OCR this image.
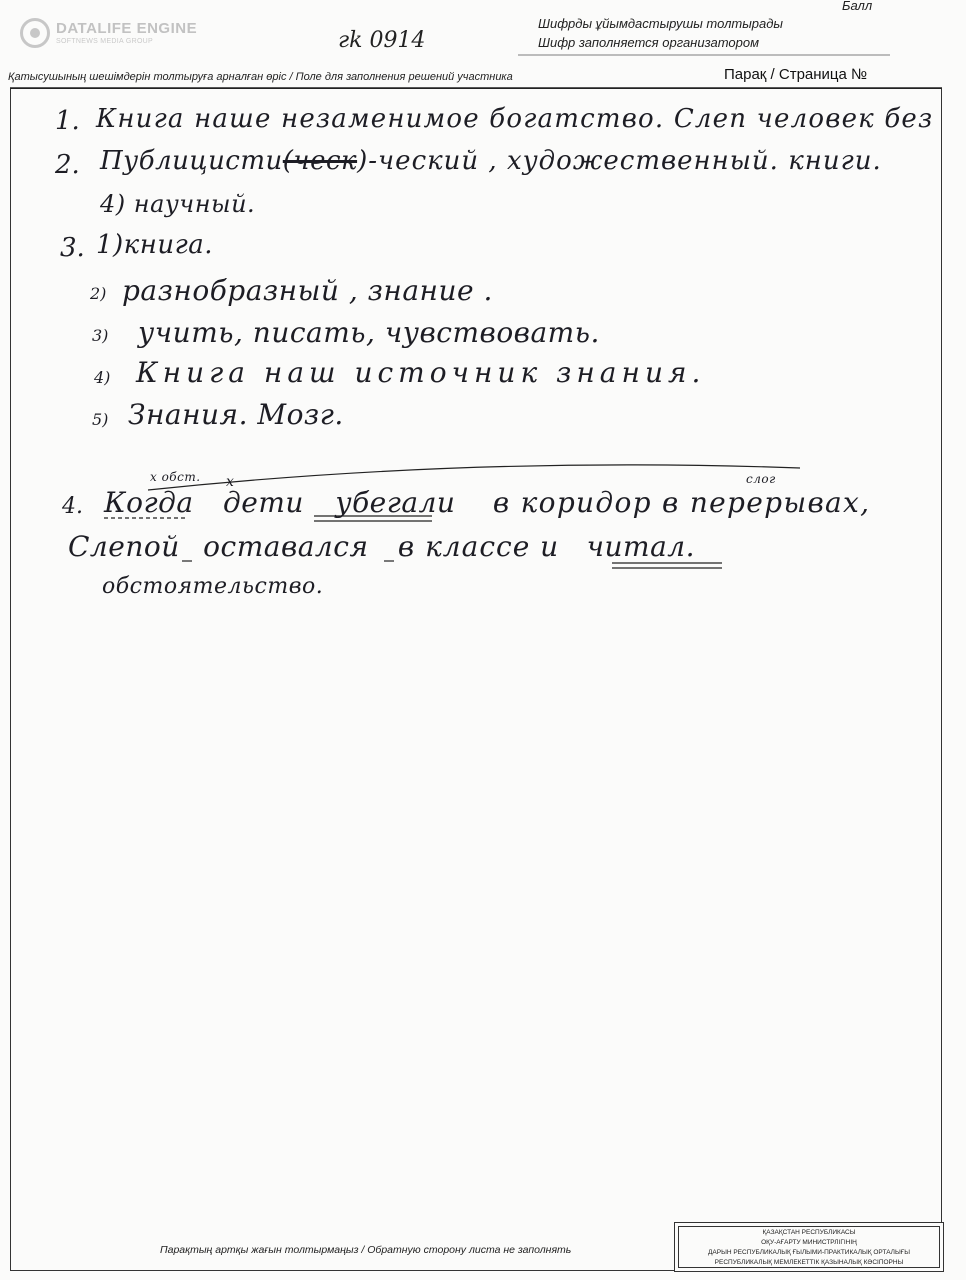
DATALIFE ENGINE
SOFTNEWS MEDIA GROUP	гk 0914
Шифрды ұйымдастырушы толтырады
Шифр заполняется организатором
Балл
Қатысушының шешімдерін толтыруға арналған өріс / Поле для заполнения решений участника	Парақ / Страница №
1. Книга наше незаменимое богатство. Слеп человек без
2. Публицисти(ческ)-ческий , художественный. книги.
4) научный.
3. 1)книга.
2) разнобразный , знание .
3) учить, писать, чувствовать.
4) Книга наш источник знания.
5) Знания. Мозг.
x обст. x	слог
4. Когда дети убегали в коридор в перерывах,
Слепой оставался в классе и читал.
обстоятельство.
Парақтың артқы жағын толтырмаңыз / Обратную сторону листа не заполнять
ҚАЗАҚСТАН РЕСПУБЛИКАСЫ
ОҚУ-АҒАРТУ МИНИСТРЛІГІНІҢ
ДАРЫН РЕСПУБЛИКАЛЫҚ ҒЫЛЫМИ-ПРАКТИКАЛЫҚ ОРТАЛЫҒЫ
РЕСПУБЛИКАЛЫҚ МЕМЛЕКЕТТІК ҚАЗЫНАЛЫҚ КӘСІПОРНЫ
